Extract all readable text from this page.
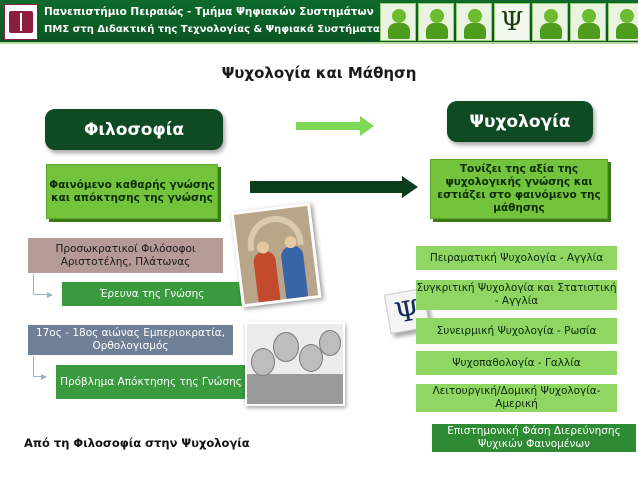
Πανεπιστήμιο Πειραιώς - Τμήμα Ψηφιακών Συστημάτων
ΠΜΣ στη Διδακτική της Τεχνολογίας & Ψηφιακά Συστήματα
Ψ
Ψυχολογία και Μάθηση
Φιλοσοφία	Ψυχολογία
Φαινόμενο καθαρής γνώσης και απόκτησης της γνώσης
Τονίζει της αξία της ψυχολογικής γνώσης και εστιάζει στο φαινόμενο της μάθησης
Προσωκρατικοί Φιλόσοφοι Αριστοτέλης, Πλάτωνας
Έρευνα της Γνώσης
17ος - 18ος αιώνας Εμπεριοκρατία, Ορθολογισμός
Πρόβλημα Απόκτησης της Γνώσης
Ψ
Πειραματική Ψυχολογία - Αγγλία
Συγκριτική Ψυχολογία και Στατιστική - Αγγλία
Συνειρμική Ψυχολογία - Ρωσία
Ψυχοπαθολογία - Γαλλία
Λειτουργική/Δομική Ψυχολογία- Αμερική
Επιστημονική Φάση Διερεύνησης Ψυχικών Φαινομένων
Από τη Φιλοσοφία στην Ψυχολογία
